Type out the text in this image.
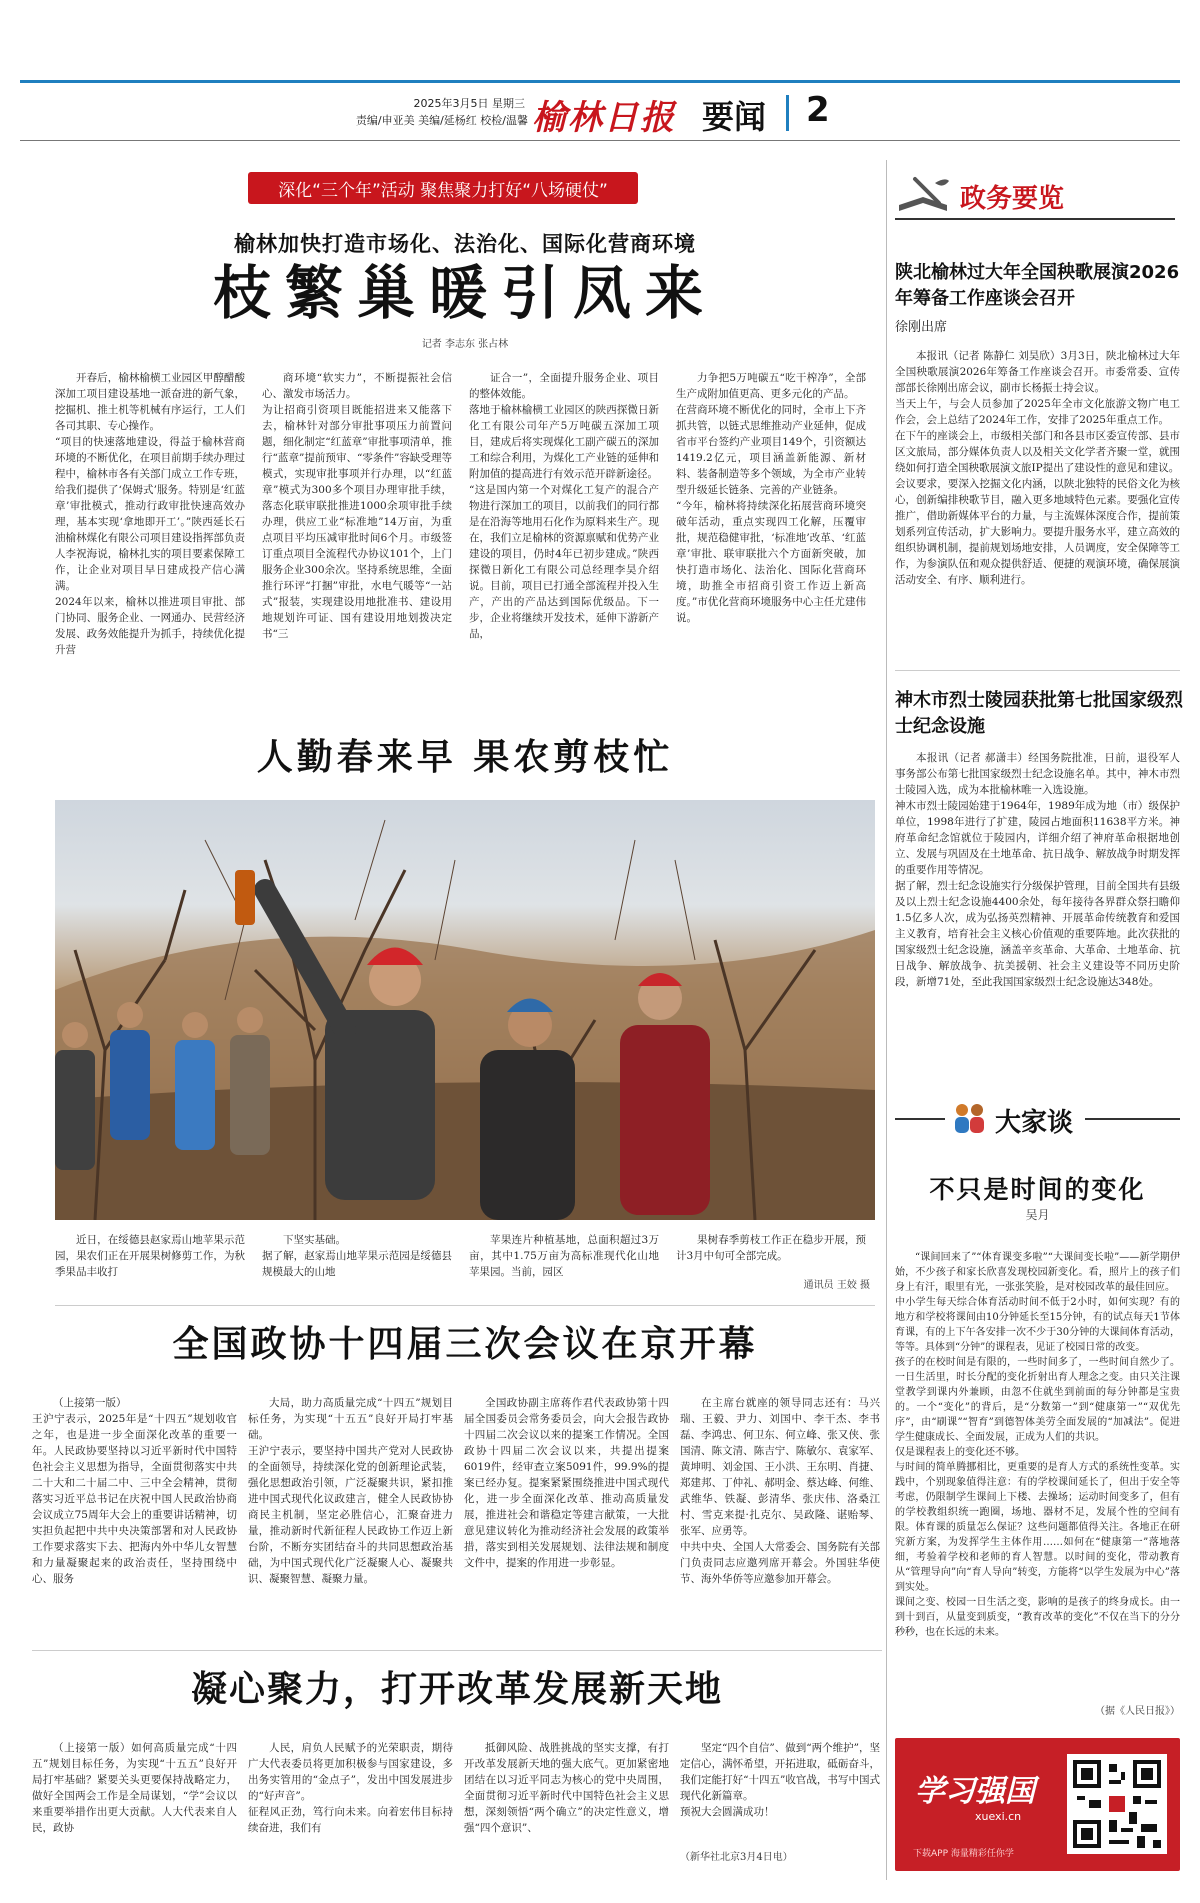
2025年3月5日 星期三
责编/申亚美 美编/延杨红 校检/温馨 榆林日报 要闻 2
深化“三个年”活动 聚焦聚力打好“八场硬仗”
榆林加快打造市场化、法治化、国际化营商环境
枝繁巢暖引凤来
记者 李志东 张占林
开春后，榆林榆横工业园区甲醇醋酸深加工项目建设基地一派奋进的新气象，挖掘机、推土机等机械有序运行，工人们各司其职、专心操作。
“项目的快速落地建设，得益于榆林营商环境的不断优化，在项目前期手续办理过程中，榆林市各有关部门成立工作专班，给我们提供了‘保姆式’服务。特别是‘红蓝章’审批模式，推动行政审批快速高效办理，基本实现‘拿地即开工’。”陕西延长石油榆林煤化有限公司项目建设指挥部负责人李祝海说，榆林扎实的项目要素保障工作，让企业对项目早日建成投产信心满满。
2024年以来，榆林以推进项目审批、部门协同、服务企业、一网通办、民营经济发展、政务效能提升为抓手，持续优化提升营
商环境“软实力”，不断提振社会信心、激发市场活力。
为让招商引资项目既能招进来又能落下去，榆林针对部分审批事项压力前置问题，细化制定“红蓝章”审批事项清单，推行“蓝章”提前预审、“零条件”容缺受理等模式，实现审批事项并行办理，以“红蓝章”模式为300多个项目办理审批手续，落态化联审联批推进1000余项审批手续办理，供应工业“标准地”14万亩，为重点项目平均压减审批时间6个月。市级签订重点项目全流程代办协议101个，上门服务企业300余次。坚持系统思维，全面推行环评“打捆”审批，水电气暖等“一站式”报装，实现建设用地批准书、建设用地规划许可证、国有建设用地划拨决定书“三
证合一”，全面提升服务企业、项目的整体效能。
落地于榆林榆横工业园区的陕西探微日新化工有限公司年产5万吨碳五深加工项目，建成后将实现煤化工副产碳五的深加工和综合利用，为煤化工产业链的延伸和附加值的提高进行有效示范开辟新途径。
“这是国内第一个对煤化工复产的混合产物进行深加工的项目，以前我们的同行都是在沿海等地用石化作为原料来生产。现在，我们立足榆林的资源禀赋和优势产业建设的项目，仍时4年已初步建成。”陕西探微日新化工有限公司总经理李昊介绍说。目前，项目已打通全部流程并投入生产，产出的产品达到国际优级品。下一步，企业将继续开发技术，延伸下游新产品，
力争把5万吨碳五“吃干榨净”，全部生产成附加值更高、更多元化的产品。
在营商环境不断优化的同时，全市上下齐抓共管，以链式思维推动产业延伸，促成省市平台签约产业项目149个，引资额达1419.2亿元，项目涵盖新能源、新材料、装备制造等多个领域，为全市产业转型升级延长链条、完善的产业链条。
“今年，榆林将持续深化拓展营商环境突破年活动，重点实现四工化解，压覆审批，规范稳健审批，‘标准地’改革、‘红蓝章’审批、联审联批六个方面新突破，加快打造市场化、法治化、国际化营商环境，助推全市招商引资工作迈上新高度。”市优化营商环境服务中心主任尤建伟说。
人勤春来早 果农剪枝忙

近日，在绥德县赵家焉山地苹果示范园，果农们正在开展果树修剪工作，为秋季果品丰收打

下坚实基础。
据了解，赵家焉山地苹果示范园是绥德县规模最大的山地

苹果连片种植基地，总面积超过3万亩，其中1.75万亩为高标准现代化山地苹果园。当前，园区

果树春季剪枝工作正在稳步开展，预计3月中旬可全部完成。

通讯员 王姣 摄
全国政协十四届三次会议在京开幕
（上接第一版）
王沪宁表示，2025年是“十四五”规划收官之年，也是进一步全面深化改革的重要一年。人民政协要坚持以习近平新时代中国特色社会主义思想为指导，全面贯彻落实中共二十大和二十届二中、三中全会精神，贯彻落实习近平总书记在庆祝中国人民政治协商会议成立75周年大会上的重要讲话精神，切实担负起把中共中央决策部署和对人民政协工作要求落实下去、把海内外中华儿女智慧和力量凝聚起来的政治责任，坚持围绕中心、服务
大局，助力高质量完成“十四五”规划目标任务，为实现“十五五”良好开局打牢基础。
王沪宁表示，要坚持中国共产党对人民政协的全面领导，持续深化党的创新理论武装，强化思想政治引领，广泛凝聚共识，紧扣推进中国式现代化议政建言，健全人民政协协商民主机制，坚定必胜信心，汇聚奋进力量，推动新时代新征程人民政协工作迈上新台阶，不断夯实团结奋斗的共同思想政治基础，为中国式现代化广泛凝聚人心、凝聚共识、凝聚智慧、凝聚力量。
全国政协副主席蒋作君代表政协第十四届全国委员会常务委员会，向大会报告政协十四届二次会议以来的提案工作情况。全国政协十四届二次会议以来，共提出提案6019件，经审查立案5091件，99.9%的提案已经办复。提案紧紧围绕推进中国式现代化，进一步全面深化改革、推动高质量发展，推进社会和谐稳定等建言献策，一大批意见建议转化为推动经济社会发展的政策举措，落实到相关发展规划、法律法规和制度文件中，提案的作用进一步彰显。
在主席台就座的领导同志还有：马兴瑞、王毅、尹力、刘国中、李干杰、李书磊、李鸿忠、何卫东、何立峰、张又侠、张国清、陈文清、陈吉宁、陈敏尔、袁家军、黄坤明、刘金国、王小洪、王东明、肖捷、郑建邦、丁仲礼、郝明金、蔡达峰、何维、武维华、铁凝、彭清华、张庆伟、洛桑江村、雪克来提·扎克尔、吴政隆、谌贻琴、张军、应勇等。
中共中央、全国人大常委会、国务院有关部门负责同志应邀列席开幕会。外国驻华使节、海外华侨等应邀参加开幕会。
凝心聚力，打开改革发展新天地
（上接第一版）如何高质量完成“十四五”规划目标任务，为实现“十五五”良好开局打牢基础？紧要关头更要保持战略定力，做好全国两会工作是全局谋划，“学”会议以来重要举措作出更大贡献。人大代表来自人民，政协
人民，肩负人民赋予的光荣职责，期待广大代表委员将更加积极参与国家建设，多出务实管用的“金点子”，发出中国发展进步的“好声音”。
征程风正劲，笃行向未来。向着宏伟目标持续奋进，我们有
抵御风险、战胜挑战的坚实支撑，有打开改革发展新天地的强大底气。更加紧密地团结在以习近平同志为核心的党中央周围，全面贯彻习近平新时代中国特色社会主义思想，深刻领悟“两个确立”的决定性意义，增强“四个意识”、
坚定“四个自信”、做到“两个维护”，坚定信心，满怀希望，开拓进取，砥砺奋斗，我们定能打好“十四五”收官战，书写中国式现代化新篇章。
预祝大会圆满成功！
（新华社北京3月4日电）
政务要览
陕北榆林过大年全国秧歌展演2026年筹备工作座谈会召开
徐刚出席
本报讯（记者 陈静仁 刘昊欣）3月3日，陕北榆林过大年全国秧歌展演2026年筹备工作座谈会召开。市委常委、宣传部部长徐刚出席会议，副市长杨振士持会议。
当天上午，与会人员参加了2025年全市文化旅游文物广电工作会，会上总结了2024年工作，安排了2025年重点工作。
在下午的座谈会上，市级相关部门和各县市区委宣传部、县市区文旅局，部分媒体负责人以及相关文化学者齐聚一堂，就围绕如何打造全国秧歌展演文旅IP提出了建设性的意见和建议。
会议要求，要深入挖掘文化内涵，以陕北独特的民俗文化为核心，创新编排秧歌节目，融入更多地域特色元素。要强化宣传推广，借助新媒体平台的力量，与主流媒体深度合作，提前策划系列宣传活动，扩大影响力。要提升服务水平，建立高效的组织协调机制，提前规划场地安排，人员调度，安全保障等工作，为参演队伍和观众提供舒适、便捷的观演环境，确保展演活动安全、有序、顺利进行。
神木市烈士陵园获批第七批国家级烈士纪念设施
本报讯（记者 郝潇丰）经国务院批准，日前，退役军人事务部公布第七批国家级烈士纪念设施名单。其中，神木市烈士陵园入选，成为本批榆林唯一入选设施。
神木市烈士陵园始建于1964年，1989年成为地（市）级保护单位，1998年进行了扩建，陵园占地面积11638平方米。神府革命纪念馆就位于陵园内，详细介绍了神府革命根据地创立、发展与巩固及在土地革命、抗日战争、解放战争时期发挥的重要作用等情况。
据了解，烈士纪念设施实行分级保护管理，目前全国共有县级及以上烈士纪念设施4400余处，每年接待各界群众祭扫瞻仰1.5亿多人次，成为弘扬英烈精神、开展革命传统教育和爱国主义教育，培育社会主义核心价值观的重要阵地。此次获批的国家级烈士纪念设施，涵盖辛亥革命、大革命、土地革命、抗日战争、解放战争、抗美援朝、社会主义建设等不同历史阶段，新增71处，至此我国国家级烈士纪念设施达348处。
大家谈
不只是时间的变化
吴月
“课间回来了”“体育课变多啦”“大课间变长啦”——新学期伊始，不少孩子和家长欣喜发现校园新变化。看，照片上的孩子们身上有汗，眼里有光，一张张笑脸，是对校园改革的最佳回应。
中小学生每天综合体育活动时间不低于2小时，如何实现？有的地方和学校将课间由10分钟延长至15分钟，有的试点每天1节体育课，有的上下午各安排一次不少于30分钟的大课间体育活动，等等。具体到“分钟”的课程表，见证了校园日常的改变。
孩子的在校时间是有限的，一些时间多了，一些时间自然少了。一日生活里，时长分配的变化折射出育人理念之变。由只关注课堂教学到课内外兼顾，由忽不住就坐到前面的每分钟都是宝贵的。一个“变化”的背后，是“分数第一”到“健康第一”“双优先序”，由“刷课”“智育”到德智体美劳全面发展的“加减法”。促进学生健康成长、全面发展，正成为人们的共识。
仅是课程表上的变化还不够。
与时间的简单腾挪相比，更重要的是育人方式的系统性变革。实践中，个别现象值得注意：有的学校课间延长了，但出于安全等考虑，仍限制学生课间上下楼、去操场；运动时间变多了，但有的学校教组织统一跑圈，场地、器材不足，发展个性的空间有限。体育课的质量怎么保证？这些问题都值得关注。各地正在研究新方案，为发挥学生主体作用……如何在“健康第一”落地落细，考验着学校和老师的育人智慧。以时间的变化，带动教育从“管理导向”向“育人导向”转变，方能将“以学生发展为中心”落到实处。
课间之变、校园一日生活之变，影响的是孩子的终身成长。由一到十到百，从量变到质变，“教育改革的变化”不仅在当下的分分秒秒，也在长远的未来。
（据《人民日报》）
学习强国
xuexi.cn
下载APP 海量精彩任你学
